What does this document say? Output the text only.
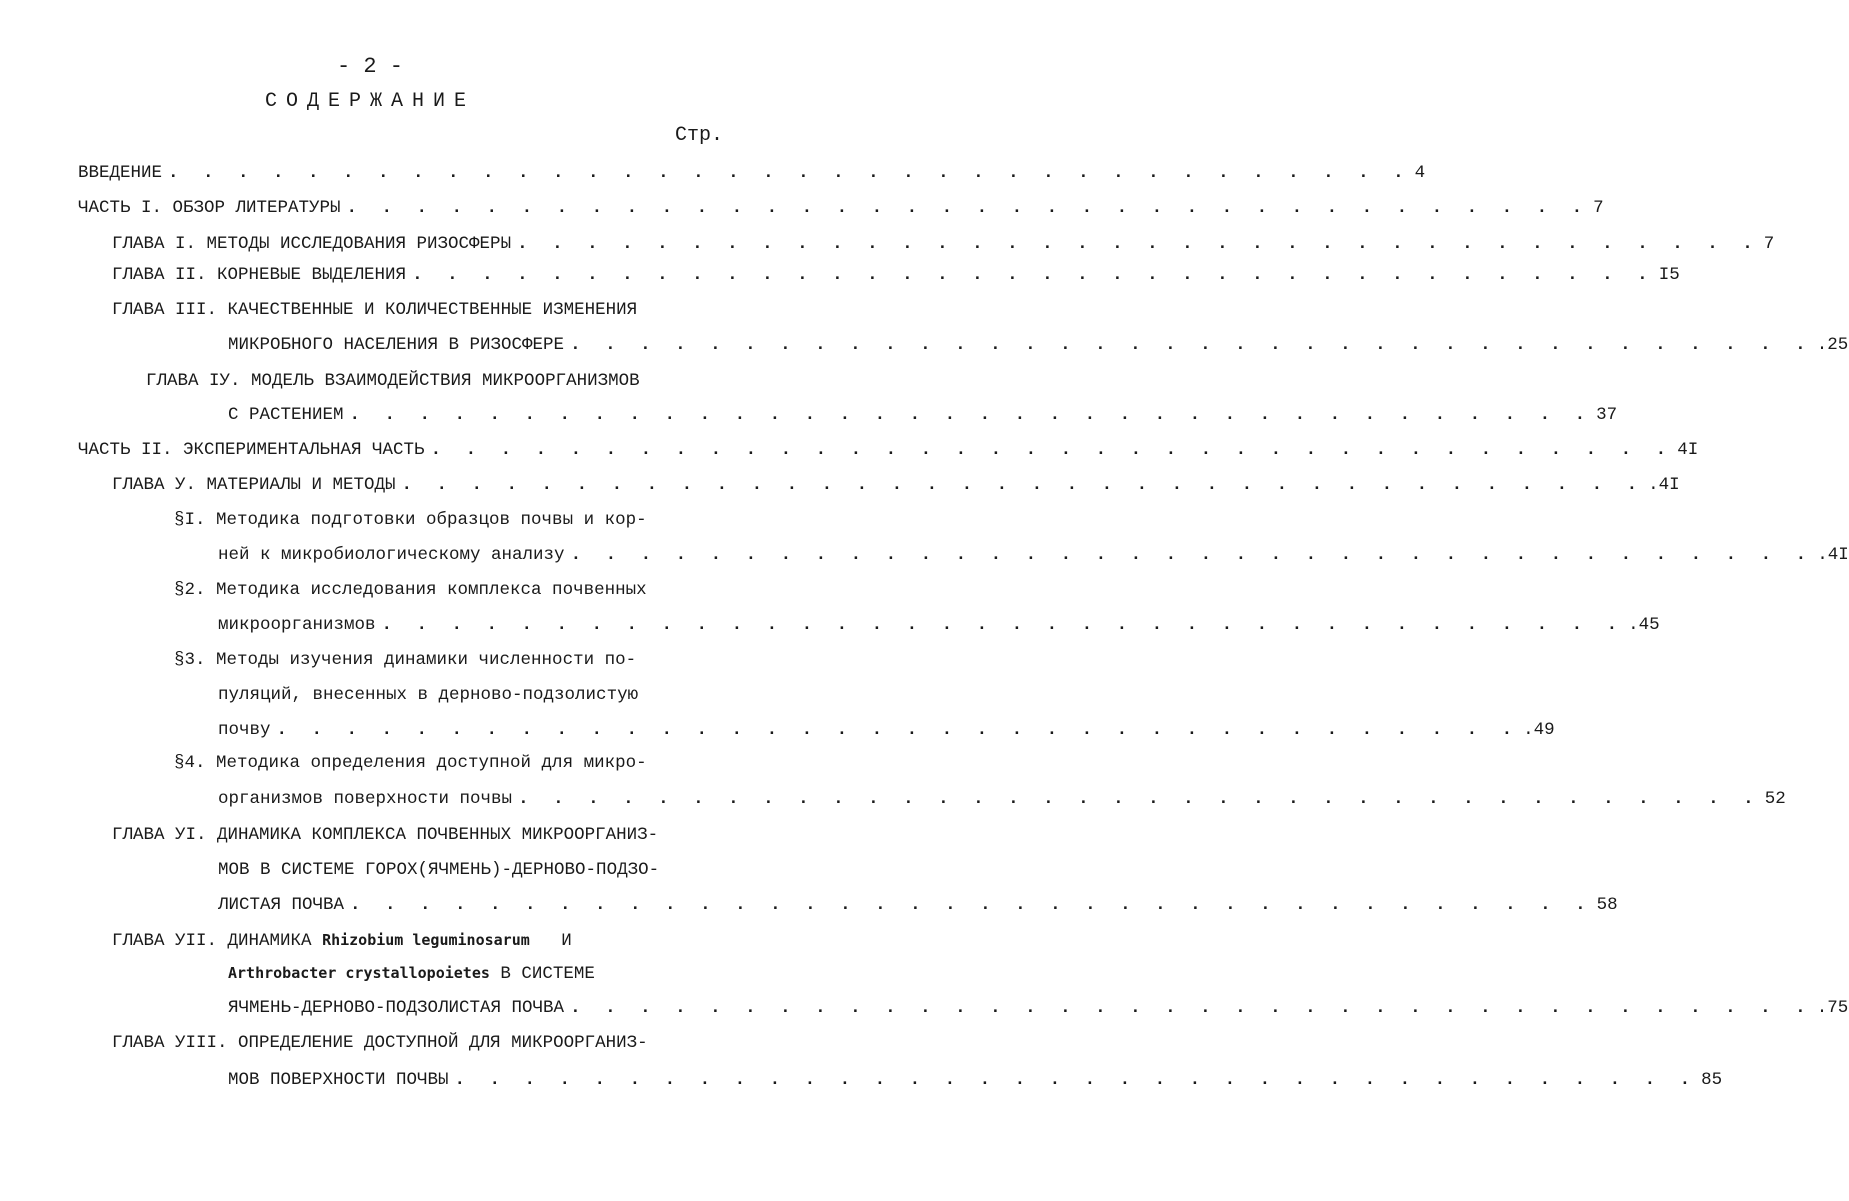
- 2 -
СОДЕРЖАНИЕ
Стр.
ВВЕДЕНИЕ . . . . . . . . . . . . . . . . . . . . . . . . . . . . . . . . . . . . 4
ЧАСТЬ I. ОБЗОР ЛИТЕРАТУРЫ . . . . . . . . . . . . . . . . . . . . . . . . . . . . . . . . . . . . 7
ГЛАВА I. МЕТОДЫ ИССЛЕДОВАНИЯ РИЗОСФЕРЫ . . . . . . . . . . . . . . . . . . . . . . . . . . . . . . . . . . . . 7
ГЛАВА II. КОРНЕВЫЕ ВЫДЕЛЕНИЯ . . . . . . . . . . . . . . . . . . . . . . . . . . . . . . . . . . . . I5
ГЛАВА III. КАЧЕСТВЕННЫЕ И КОЛИЧЕСТВЕННЫЕ ИЗМЕНЕНИЯ
МИКРОБНОГО НАСЕЛЕНИЯ В РИЗОСФЕРЕ . . . . . . . . . . . . . . . . . . . . . . . . . . . . . . . . . . . . .25
ГЛАВА IУ. МОДЕЛЬ ВЗАИМОДЕЙСТВИЯ МИКРООРГАНИЗМОВ
С РАСТЕНИЕМ . . . . . . . . . . . . . . . . . . . . . . . . . . . . . . . . . . . . 37
ЧАСТЬ II. ЭКСПЕРИМЕНТАЛЬНАЯ ЧАСТЬ . . . . . . . . . . . . . . . . . . . . . . . . . . . . . . . . . . . . 4I
ГЛАВА У. МАТЕРИАЛЫ И МЕТОДЫ . . . . . . . . . . . . . . . . . . . . . . . . . . . . . . . . . . . . .4I
§I. Методика подготовки образцов почвы и кор-
ней к микробиологическому анализу . . . . . . . . . . . . . . . . . . . . . . . . . . . . . . . . . . . . .4I
§2. Методика исследования комплекса почвенных
микроорганизмов . . . . . . . . . . . . . . . . . . . . . . . . . . . . . . . . . . . . .45
§3. Методы изучения динамики численности по-
пуляций, внесенных в дерново-подзолистую
почву . . . . . . . . . . . . . . . . . . . . . . . . . . . . . . . . . . . . .49
§4. Методика определения доступной для микро-
организмов поверхности почвы . . . . . . . . . . . . . . . . . . . . . . . . . . . . . . . . . . . . 52
ГЛАВА УI. ДИНАМИКА КОМПЛЕКСА ПОЧВЕННЫХ МИКРООРГАНИЗ-
МОВ В СИСТЕМЕ ГОРОХ(ЯЧМЕНЬ)-ДЕРНОВО-ПОДЗО-
ЛИСТАЯ ПОЧВА . . . . . . . . . . . . . . . . . . . . . . . . . . . . . . . . . . . . 58
ГЛАВА УII. ДИНАМИКА
Rhizobium leguminosarum И
Arthrobacter crystallopoietes В СИСТЕМЕ
ЯЧМЕНЬ-ДЕРНОВО-ПОДЗОЛИСТАЯ ПОЧВА . . . . . . . . . . . . . . . . . . . . . . . . . . . . . . . . . . . . .75
ГЛАВА УIII. ОПРЕДЕЛЕНИЕ ДОСТУПНОЙ ДЛЯ МИКРООРГАНИЗ-
МОВ ПОВЕРХНОСТИ ПОЧВЫ . . . . . . . . . . . . . . . . . . . . . . . . . . . . . . . . . . . . 85
